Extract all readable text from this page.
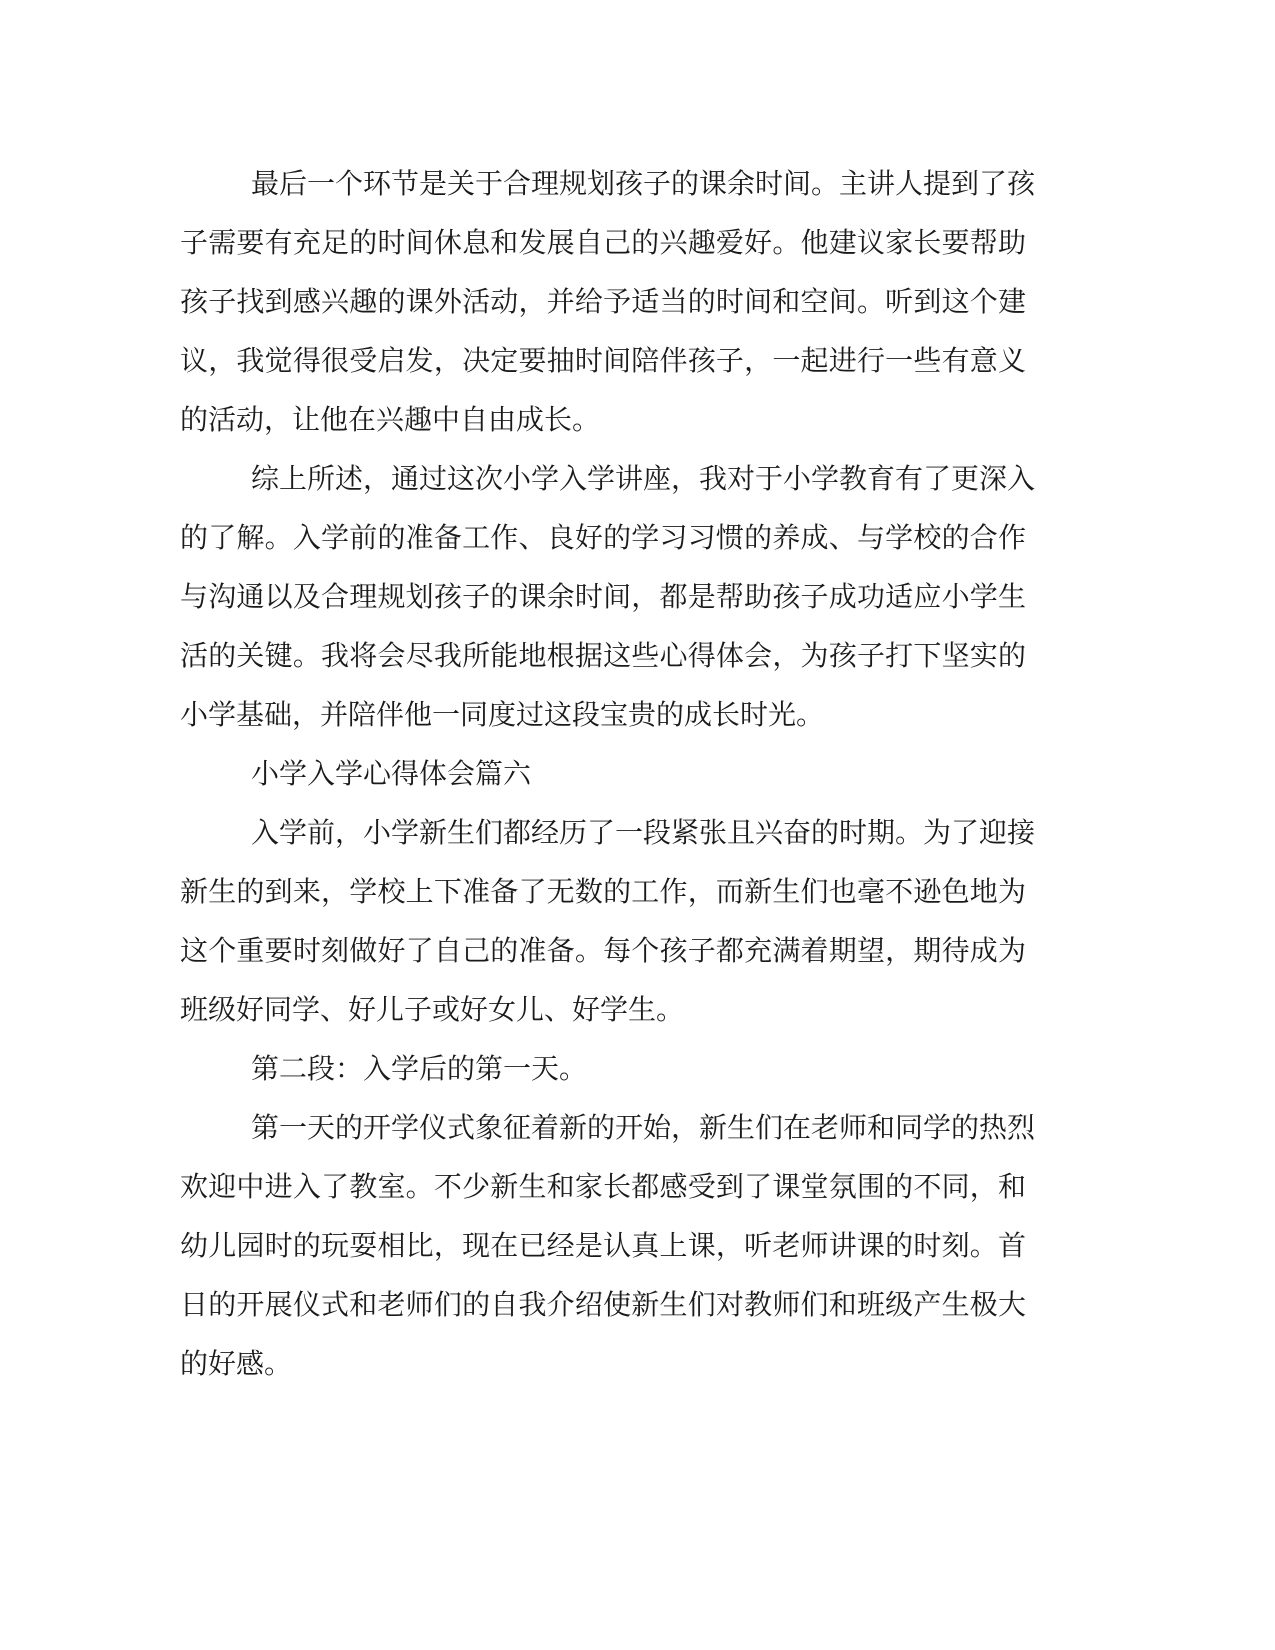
最后一个环节是关于合理规划孩子的课余时间。主讲人提到了孩
子需要有充足的时间休息和发展自己的兴趣爱好。他建议家长要帮助
孩子找到感兴趣的课外活动，并给予适当的时间和空间。听到这个建
议，我觉得很受启发，决定要抽时间陪伴孩子，一起进行一些有意义
的活动，让他在兴趣中自由成长。
综上所述，通过这次小学入学讲座，我对于小学教育有了更深入
的了解。入学前的准备工作、良好的学习习惯的养成、与学校的合作
与沟通以及合理规划孩子的课余时间，都是帮助孩子成功适应小学生
活的关键。我将会尽我所能地根据这些心得体会，为孩子打下坚实的
小学基础，并陪伴他一同度过这段宝贵的成长时光。
小学入学心得体会篇六
入学前，小学新生们都经历了一段紧张且兴奋的时期。为了迎接
新生的到来，学校上下准备了无数的工作，而新生们也毫不逊色地为
这个重要时刻做好了自己的准备。每个孩子都充满着期望，期待成为
班级好同学、好儿子或好女儿、好学生。
第二段：入学后的第一天。
第一天的开学仪式象征着新的开始，新生们在老师和同学的热烈
欢迎中进入了教室。不少新生和家长都感受到了课堂氛围的不同，和
幼儿园时的玩耍相比，现在已经是认真上课，听老师讲课的时刻。首
日的开展仪式和老师们的自我介绍使新生们对教师们和班级产生极大
的好感。
